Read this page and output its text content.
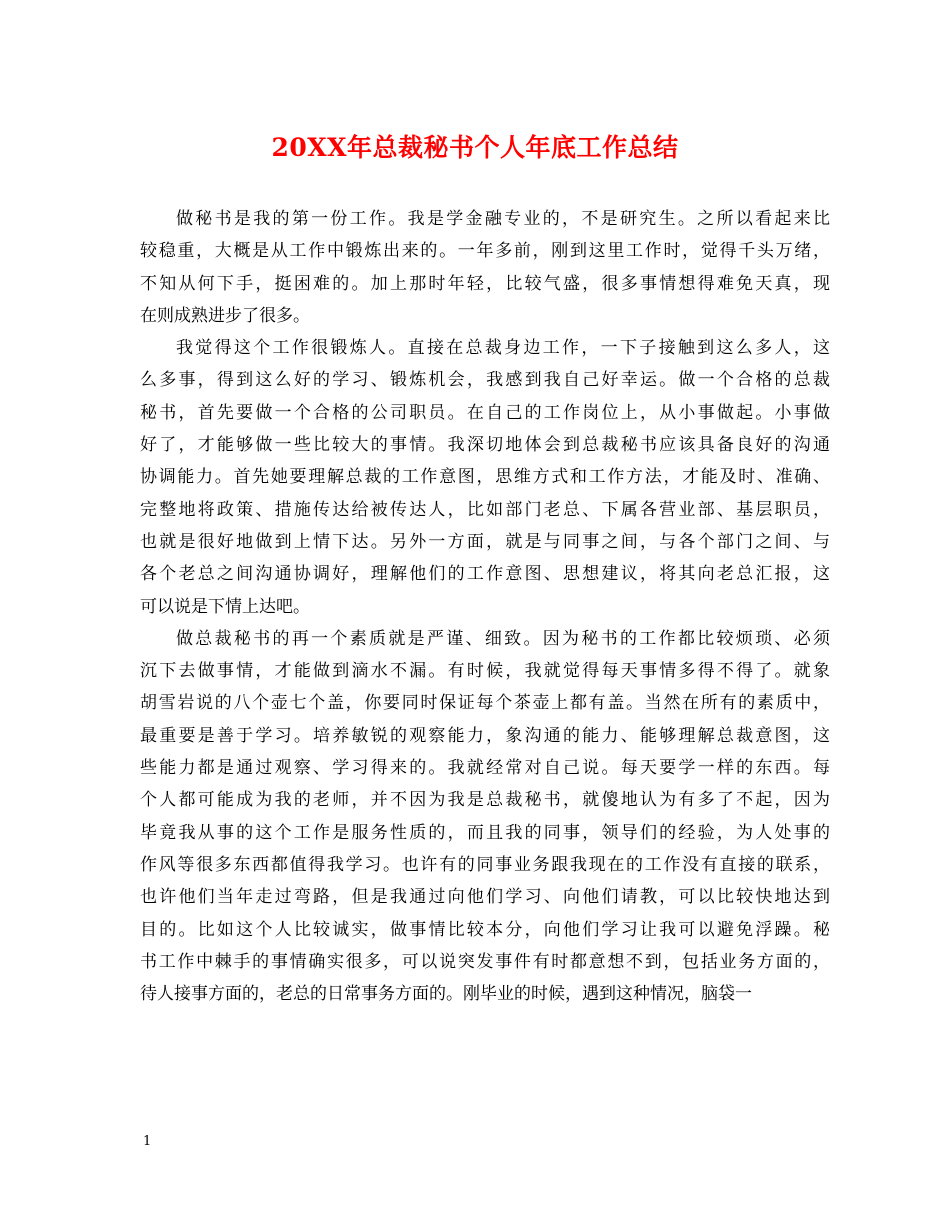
20XX年总裁秘书个人年底工作总结
做秘书是我的第一份工作。我是学金融专业的，不是研究生。之所以看起来比
较稳重，大概是从工作中锻炼出来的。一年多前，刚到这里工作时，觉得千头万绪，
不知从何下手，挺困难的。加上那时年轻，比较气盛，很多事情想得难免天真，现
在则成熟进步了很多。
我觉得这个工作很锻炼人。直接在总裁身边工作，一下子接触到这么多人，这
么多事，得到这么好的学习、锻炼机会，我感到我自己好幸运。做一个合格的总裁
秘书，首先要做一个合格的公司职员。在自己的工作岗位上，从小事做起。小事做
好了，才能够做一些比较大的事情。我深切地体会到总裁秘书应该具备良好的沟通
协调能力。首先她要理解总裁的工作意图，思维方式和工作方法，才能及时、准确、
完整地将政策、措施传达给被传达人，比如部门老总、下属各营业部、基层职员，
也就是很好地做到上情下达。另外一方面，就是与同事之间，与各个部门之间、与
各个老总之间沟通协调好，理解他们的工作意图、思想建议，将其向老总汇报，这
可以说是下情上达吧。
做总裁秘书的再一个素质就是严谨、细致。因为秘书的工作都比较烦琐、必须
沉下去做事情，才能做到滴水不漏。有时候，我就觉得每天事情多得不得了。就象
胡雪岩说的八个壶七个盖，你要同时保证每个茶壶上都有盖。当然在所有的素质中，
最重要是善于学习。培养敏锐的观察能力，象沟通的能力、能够理解总裁意图，这
些能力都是通过观察、学习得来的。我就经常对自己说。每天要学一样的东西。每
个人都可能成为我的老师，并不因为我是总裁秘书，就傻地认为有多了不起，因为
毕竟我从事的这个工作是服务性质的，而且我的同事，领导们的经验，为人处事的
作风等很多东西都值得我学习。也许有的同事业务跟我现在的工作没有直接的联系，
也许他们当年走过弯路，但是我通过向他们学习、向他们请教，可以比较快地达到
目的。比如这个人比较诚实，做事情比较本分，向他们学习让我可以避免浮躁。秘
书工作中棘手的事情确实很多，可以说突发事件有时都意想不到，包括业务方面的，
待人接事方面的，老总的日常事务方面的。刚毕业的时候，遇到这种情况，脑袋一
1
